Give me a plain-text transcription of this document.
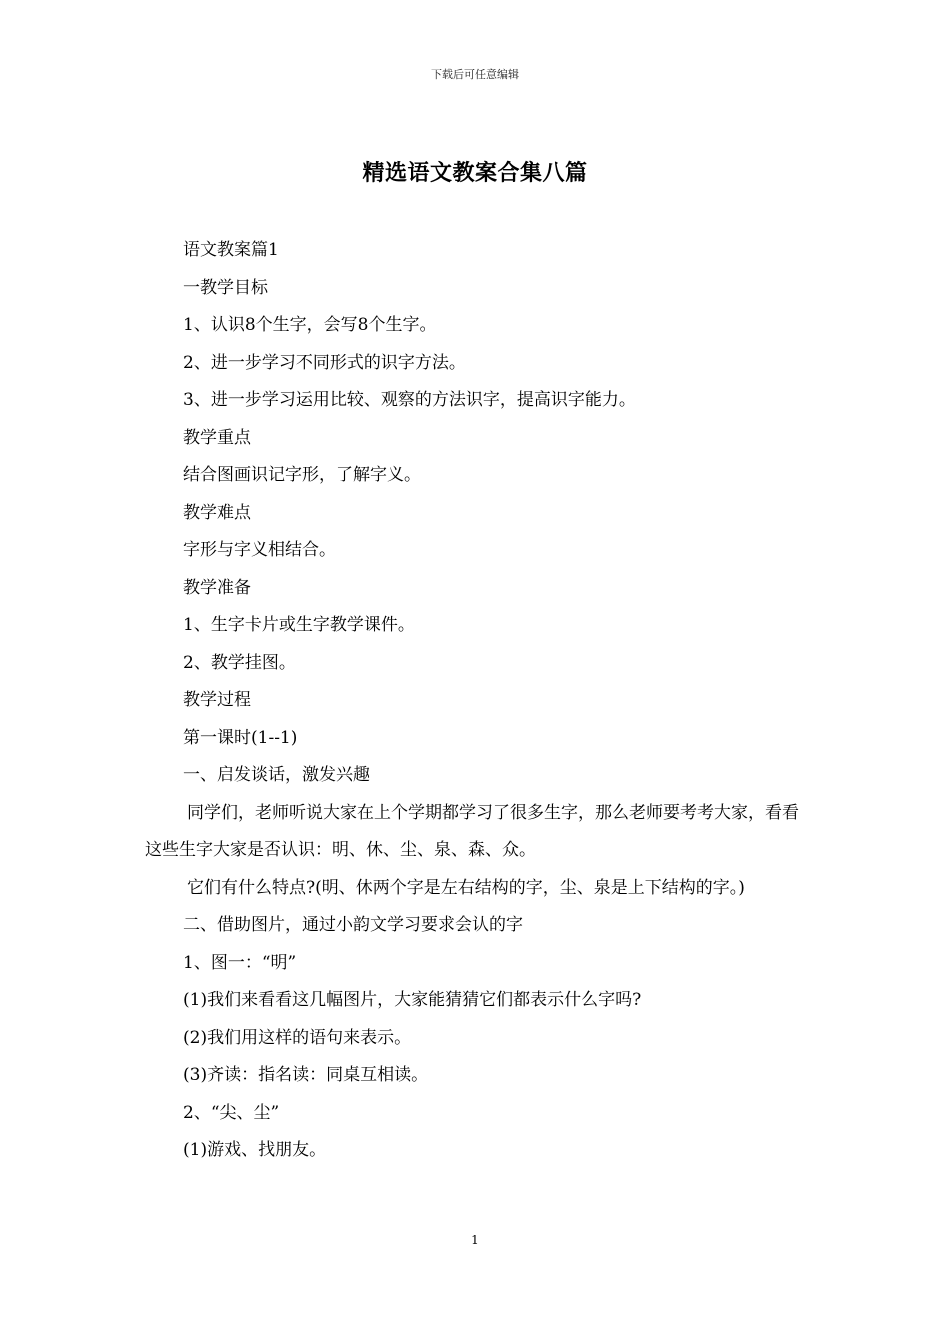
下载后可任意编辑
精选语文教案合集八篇

语文教案篇1

一教学目标

1、认识8个生字，会写8个生字。

2、进一步学习不同形式的识字方法。

3、进一步学习运用比较、观察的方法识字，提高识字能力。

教学重点

结合图画识记字形，了解字义。

教学难点

字形与字义相结合。

教学准备

1、生字卡片或生字教学课件。

2、教学挂图。

教学过程

第一课时(1--1)

一、启发谈话，激发兴趣

同学们，老师听说大家在上个学期都学习了很多生字，那么老师要考考大家，看看这些生字大家是否认识：明、休、尘、泉、森、众。

它们有什么特点?(明、休两个字是左右结构的字，尘、泉是上下结构的字。)

二、借助图片，通过小韵文学习要求会认的字

1、图一：“明”

(1)我们来看看这几幅图片，大家能猜猜它们都表示什么字吗?

(2)我们用这样的语句来表示。

(3)齐读：指名读：同桌互相读。

2、“尖、尘”

(1)游戏、找朋友。

1
